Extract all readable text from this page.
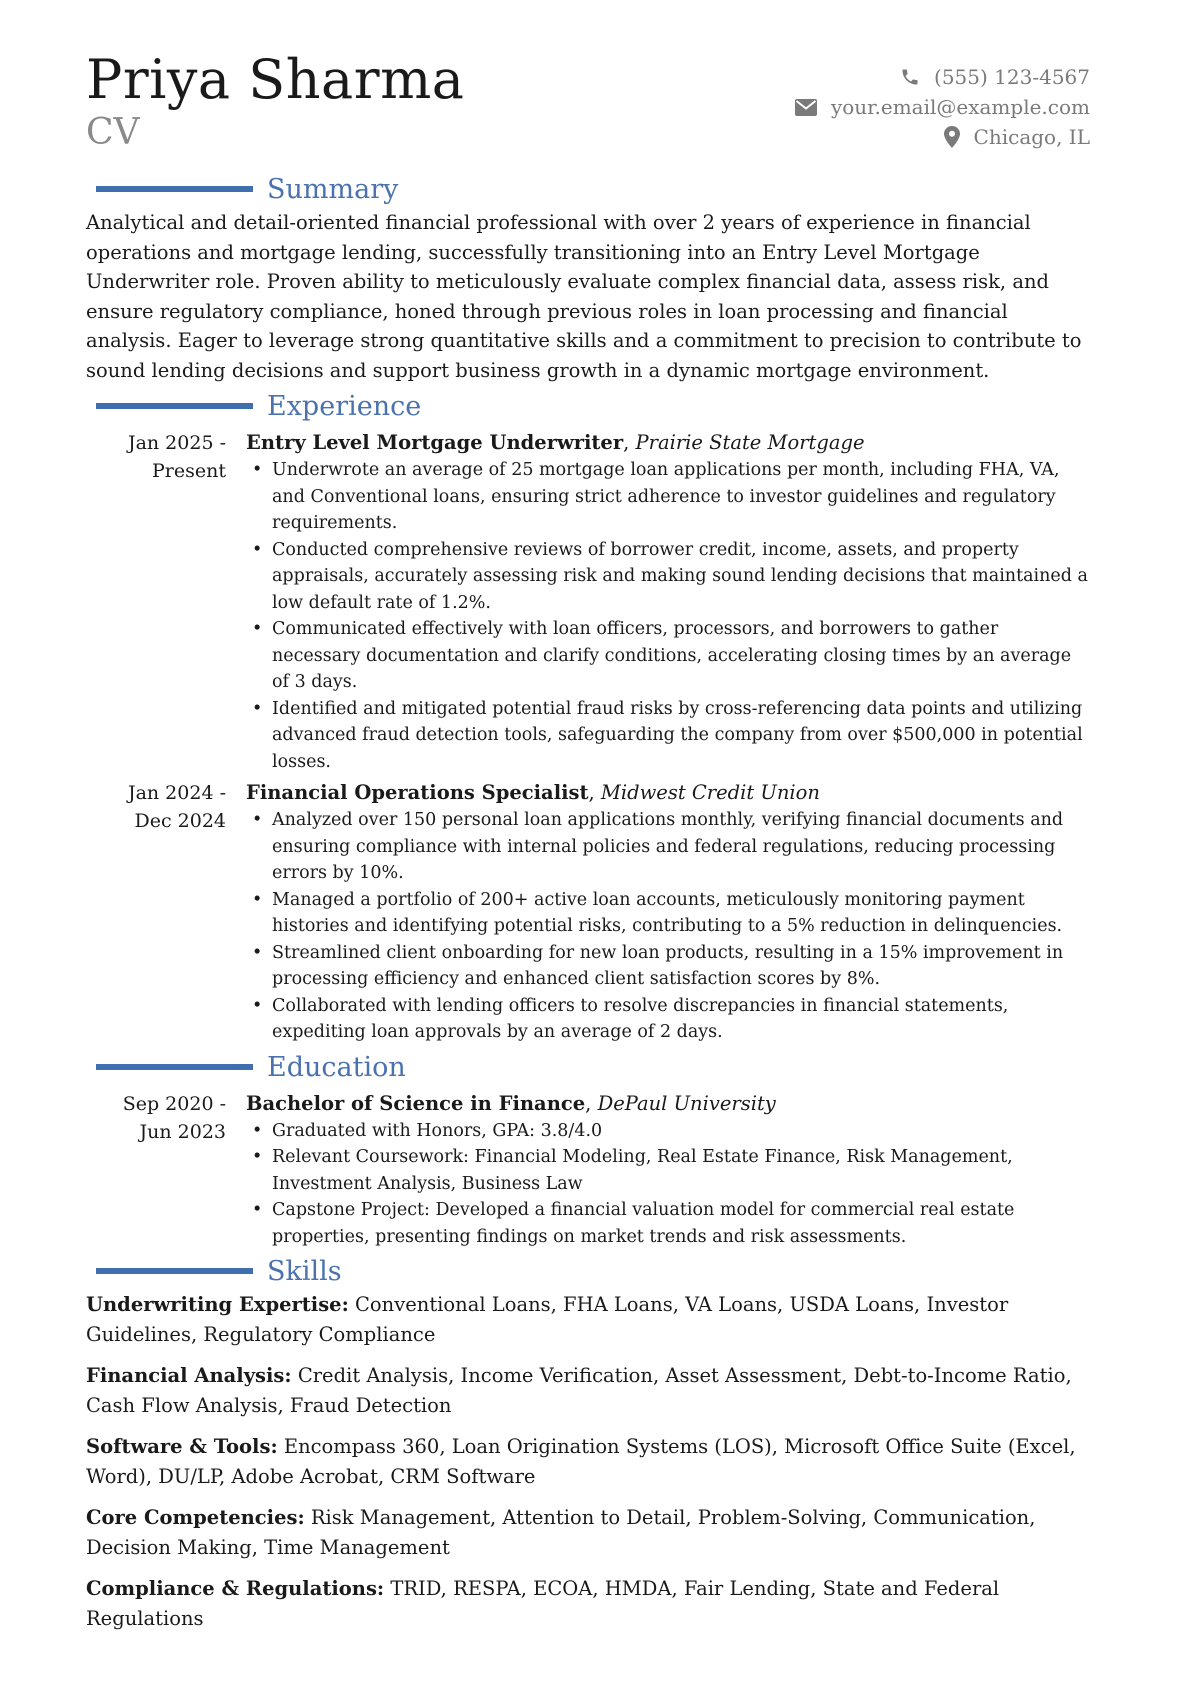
Priya Sharma
CV
(555) 123-4567
your.email@example.com
Chicago, IL
Summary

Analytical and detail-oriented financial professional with over 2 years of experience in financial operations and mortgage lending, successfully transitioning into an Entry Level Mortgage Underwriter role. Proven ability to meticulously evaluate complex financial data, assess risk, and ensure regulatory compliance, honed through previous roles in loan processing and financial analysis. Eager to leverage strong quantitative skills and a commitment to precision to contribute to sound lending decisions and support business growth in a dynamic mortgage environment.

Experience
Jan 2025 - Present
Entry Level Mortgage Underwriter, Prairie State Mortgage
• Underwrote an average of 25 mortgage loan applications per month, including FHA, VA, and Conventional loans, ensuring strict adherence to investor guidelines and regulatory requirements.
• Conducted comprehensive reviews of borrower credit, income, assets, and property appraisals, accurately assessing risk and making sound lending decisions that maintained a low default rate of 1.2%.
• Communicated effectively with loan officers, processors, and borrowers to gather necessary documentation and clarify conditions, accelerating closing times by an average of 3 days.
• Identified and mitigated potential fraud risks by cross-referencing data points and utilizing advanced fraud detection tools, safeguarding the company from over $500,000 in potential losses.
Jan 2024 - Dec 2024
Financial Operations Specialist, Midwest Credit Union
• Analyzed over 150 personal loan applications monthly, verifying financial documents and ensuring compliance with internal policies and federal regulations, reducing processing errors by 10%.
• Managed a portfolio of 200+ active loan accounts, meticulously monitoring payment histories and identifying potential risks, contributing to a 5% reduction in delinquencies.
• Streamlined client onboarding for new loan products, resulting in a 15% improvement in processing efficiency and enhanced client satisfaction scores by 8%.
• Collaborated with lending officers to resolve discrepancies in financial statements, expediting loan approvals by an average of 2 days.
Education
Sep 2020 - Jun 2023
Bachelor of Science in Finance, DePaul University
• Graduated with Honors, GPA: 3.8/4.0
• Relevant Coursework: Financial Modeling, Real Estate Finance, Risk Management, Investment Analysis, Business Law
• Capstone Project: Developed a financial valuation model for commercial real estate properties, presenting findings on market trends and risk assessments.
Skills

Underwriting Expertise: Conventional Loans, FHA Loans, VA Loans, USDA Loans, Investor Guidelines, Regulatory Compliance

Financial Analysis: Credit Analysis, Income Verification, Asset Assessment, Debt-to-Income Ratio, Cash Flow Analysis, Fraud Detection

Software & Tools: Encompass 360, Loan Origination Systems (LOS), Microsoft Office Suite (Excel, Word), DU/LP, Adobe Acrobat, CRM Software

Core Competencies: Risk Management, Attention to Detail, Problem-Solving, Communication, Decision Making, Time Management

Compliance & Regulations: TRID, RESPA, ECOA, HMDA, Fair Lending, State and Federal Regulations
